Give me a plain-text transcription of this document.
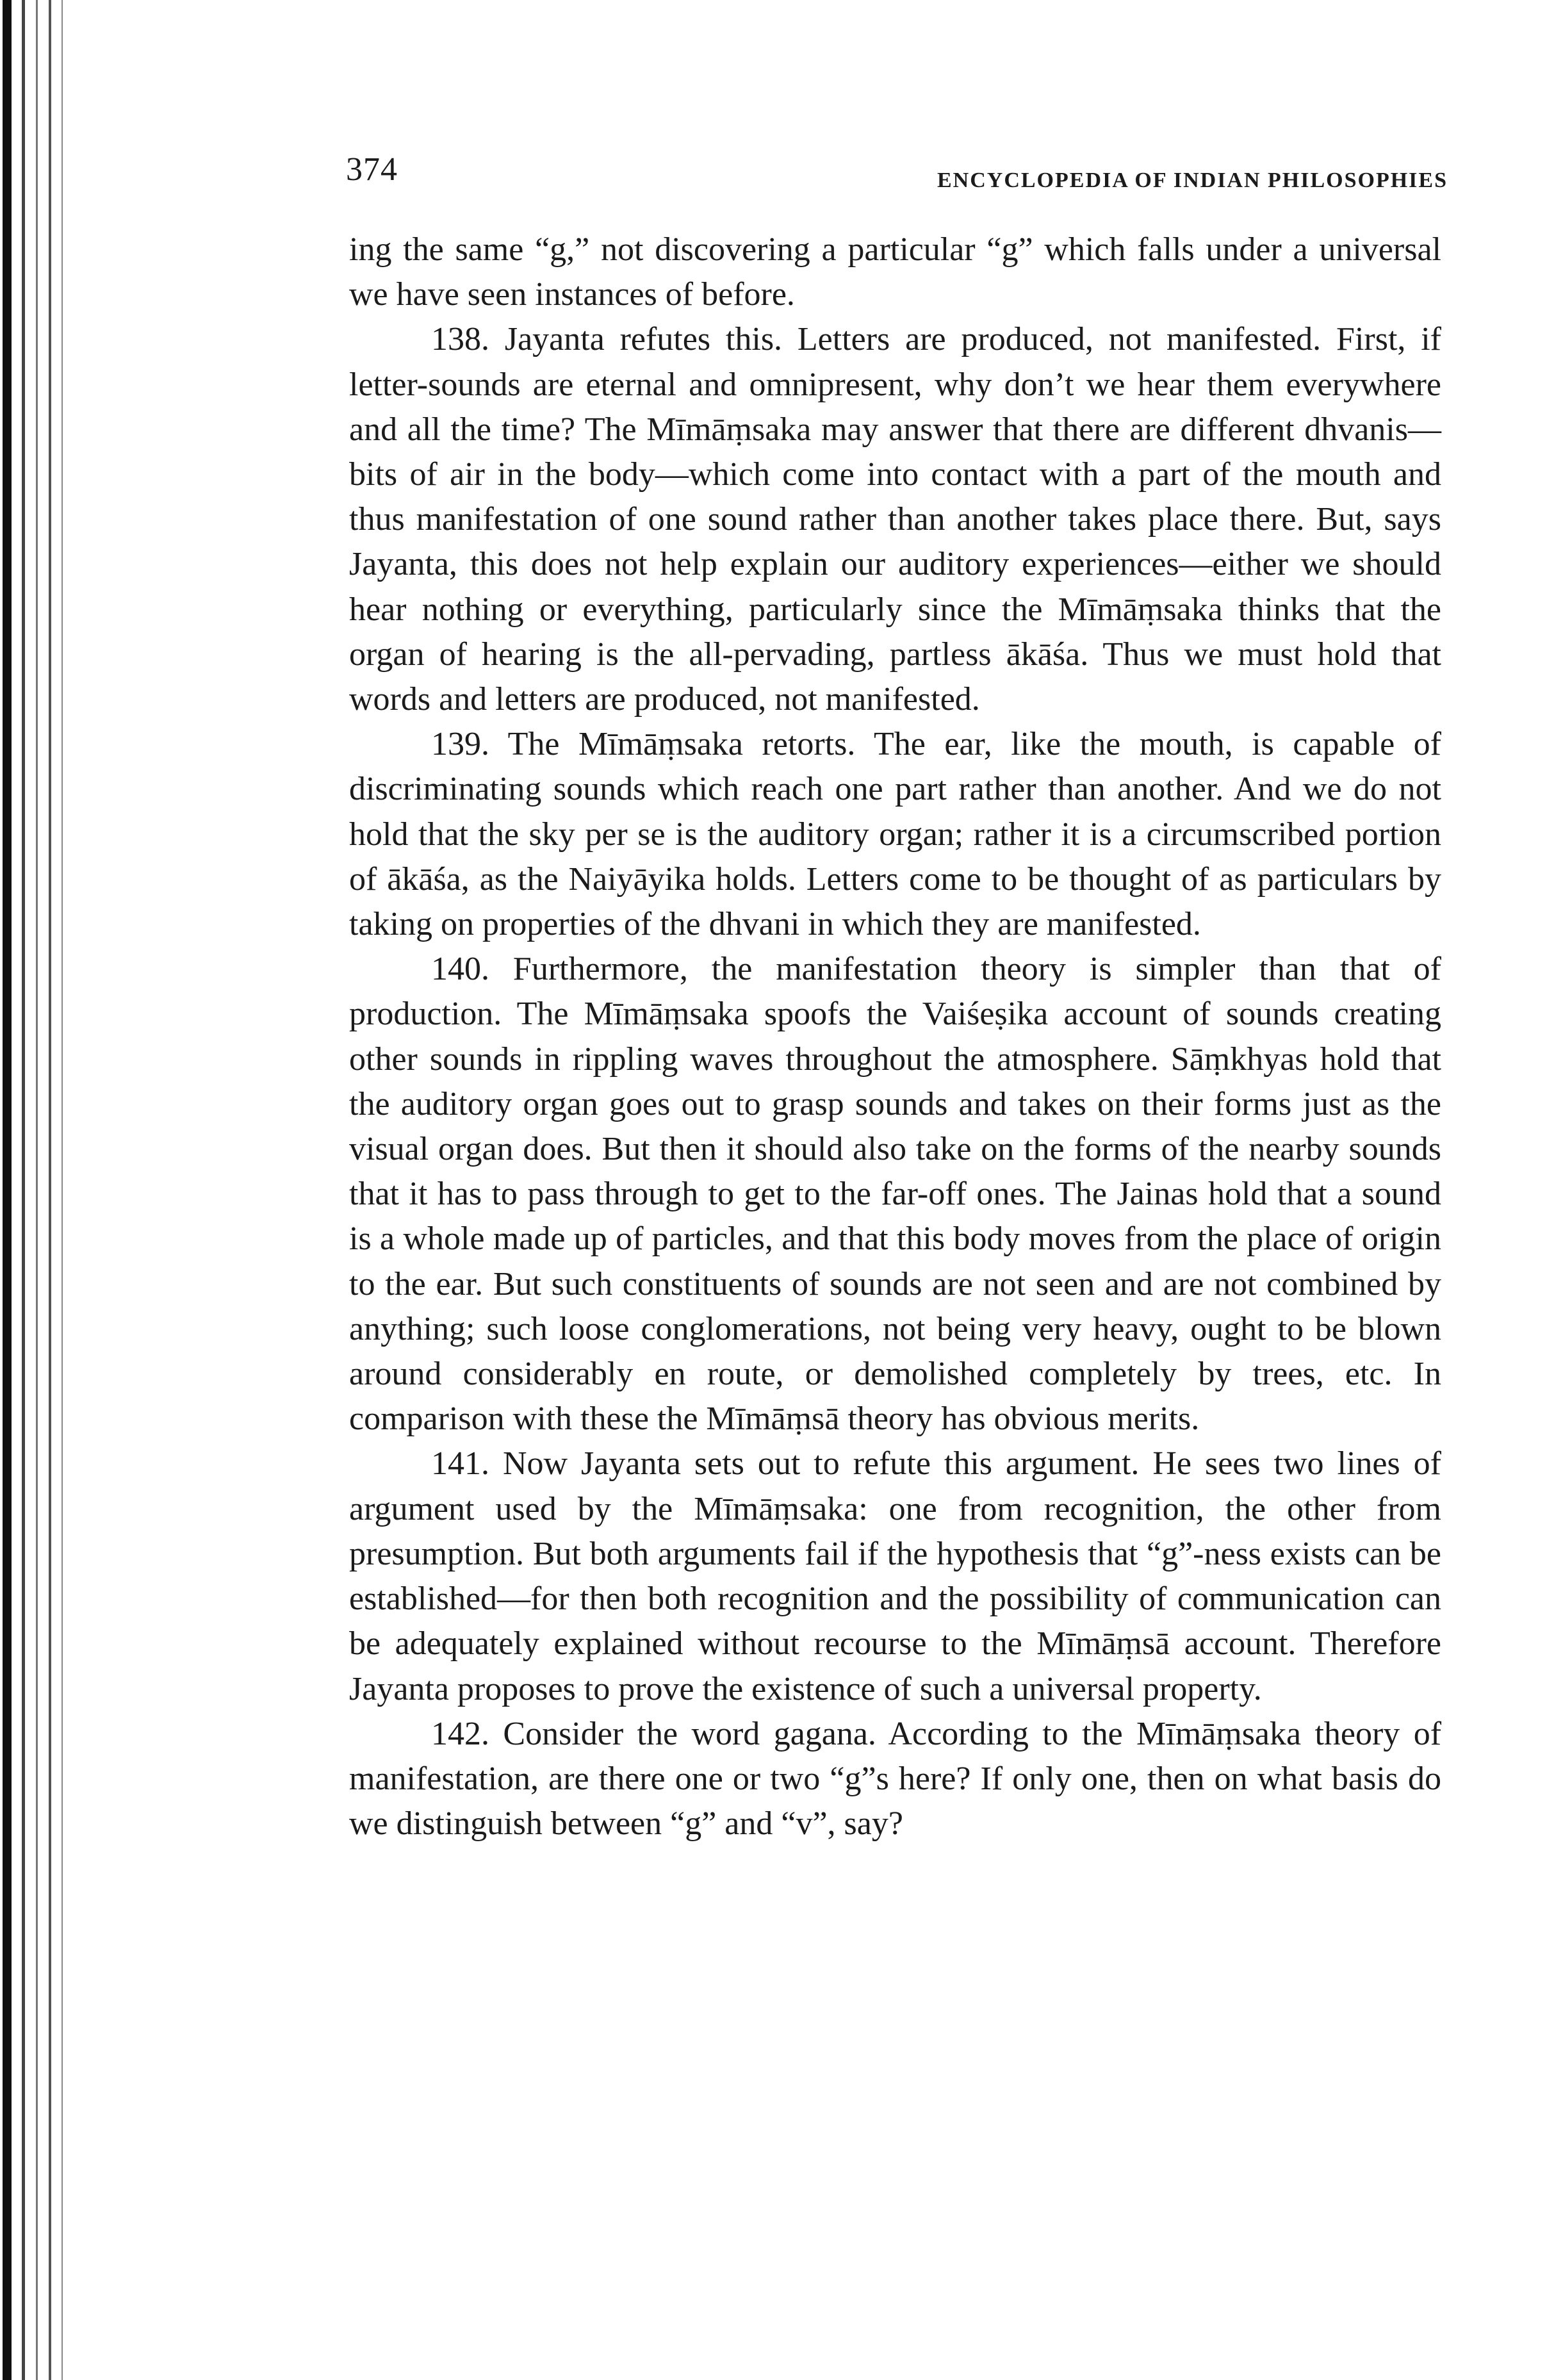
374	ENCYCLOPEDIA OF INDIAN PHILOSOPHIES

ing the same “g,” not discovering a particular “g” which falls under a universal we have seen instances of before.

138. Jayanta refutes this. Letters are produced, not manifested. First, if letter-sounds are eternal and omnipresent, why don’t we hear them everywhere and all the time? The Mīmāṃsaka may answer that there are different dhvanis—bits of air in the body—which come into contact with a part of the mouth and thus manifestation of one sound rather than another takes place there. But, says Jayanta, this does not help explain our auditory experiences—either we should hear nothing or everything, particularly since the Mīmāṃsaka thinks that the organ of hearing is the all-pervading, partless ākāśa. Thus we must hold that words and letters are produced, not manifested.

139. The Mīmāṃsaka retorts. The ear, like the mouth, is capable of discriminating sounds which reach one part rather than another. And we do not hold that the sky per se is the auditory organ; rather it is a circumscribed portion of ākāśa, as the Naiyāyika holds. Letters come to be thought of as particulars by taking on properties of the dhvani in which they are manifested.

140. Furthermore, the manifestation theory is simpler than that of production. The Mīmāṃsaka spoofs the Vaiśeṣika account of sounds creating other sounds in rippling waves throughout the atmosphere. Sāṃkhyas hold that the auditory organ goes out to grasp sounds and takes on their forms just as the visual organ does. But then it should also take on the forms of the nearby sounds that it has to pass through to get to the far-off ones. The Jainas hold that a sound is a whole made up of particles, and that this body moves from the place of origin to the ear. But such constituents of sounds are not seen and are not combined by anything; such loose conglomerations, not being very heavy, ought to be blown around considerably en route, or demolished completely by trees, etc. In comparison with these the Mīmāṃsā theory has obvious merits.

141. Now Jayanta sets out to refute this argument. He sees two lines of argument used by the Mīmāṃsaka: one from recognition, the other from presumption. But both arguments fail if the hypothesis that “g”-ness exists can be established—for then both recognition and the possibility of communication can be adequately explained without recourse to the Mīmāṃsā account. Therefore Jayanta proposes to prove the existence of such a universal property.

142. Consider the word gagana. According to the Mīmāṃsaka theory of manifestation, are there one or two “g”s here? If only one, then on what basis do we distinguish between “g” and “v”, say?
